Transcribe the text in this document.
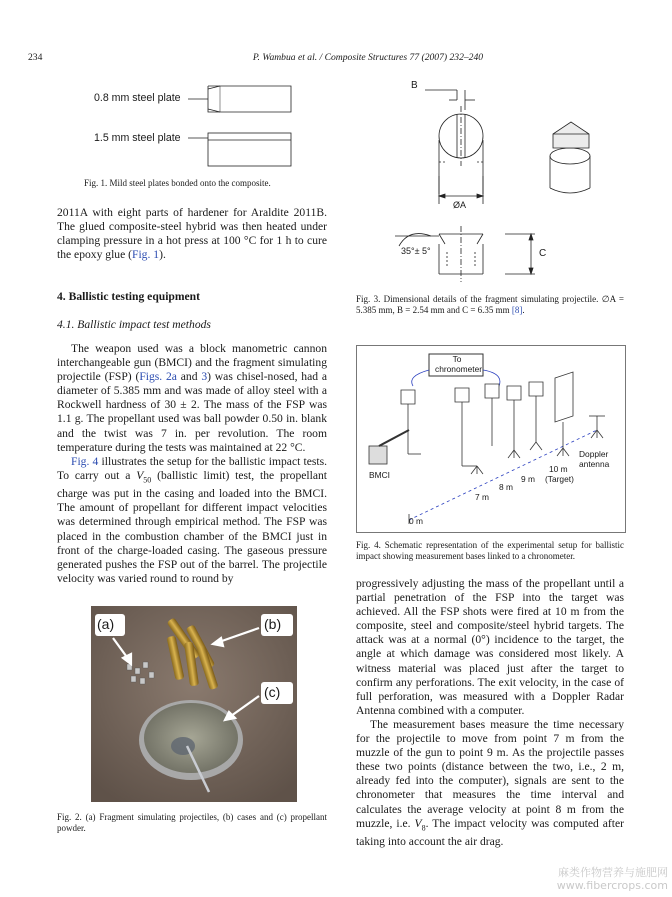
234	P. Wambua et al. / Composite Structures 77 (2007) 232–240
0.8 mm steel plate
1.5 mm steel plate
Fig. 1. Mild steel plates bonded onto the composite.

2011A with eight parts of hardener for Araldite 2011B. The glued composite-steel hybrid was then heated under clamping pressure in a hot press at 100 °C for 1 h to cure the epoxy glue (Fig. 1).

4. Ballistic testing equipment
4.1. Ballistic impact test methods

The weapon used was a block manometric cannon interchangeable gun (BMCI) and the fragment simulating projectile (FSP) (Figs. 2a and 3) was chisel-nosed, had a diameter of 5.385 mm and was made of alloy steel with a Rockwell hardness of 30 ± 2. The mass of the FSP was 1.1 g. The propellant used was ball powder 0.50 in. blank and the twist was 7 in. per revolution. The room temperature during the tests was maintained at 22 °C.

Fig. 4 illustrates the setup for the ballistic impact tests. To carry out a $V_{50}$ (ballistic limit) test, the propellant charge was put in the casing and loaded into the BMCI. The amount of propellant for different impact velocities was determined through empirical method. The FSP was placed in the combustion chamber of the BMCI just in front of the charge-loaded casing. The gaseous pressure generated pushes the FSP out of the barrel. The projectile velocity was varied round to round by

(a)	(b)
(c)
Fig. 2. (a) Fragment simulating projectiles, (b) cases and (c) propellant powder.
B
ØA
C
35°± 5°
Fig. 3. Dimensional details of the fragment simulating projectile. ∅A = 5.385 mm, B = 2.54 mm and C = 6.35 mm [8].
To
chronometer
BMCI
0 m
7 m
8 m
9 m
10 m
(Target)
Doppler
antenna
Fig. 4. Schematic representation of the experimental setup for ballistic impact showing measurement bases linked to a chronometer.

progressively adjusting the mass of the propellant until a partial penetration of the FSP into the target was achieved. All the FSP shots were fired at 10 m from the composite, steel and composite/steel hybrid targets. The attack was at a normal (0°) incidence to the target, the angle at which damage was considered most likely. A witness material was placed just after the target to confirm any perforations. The exit velocity, in the case of full perforation, was measured with a Doppler Radar Antenna combined with a computer.

The measurement bases measure the time necessary for the projectile to move from point 7 m from the muzzle of the gun to point 9 m. As the projectile passes these two points (distance between the two, i.e., 2 m, already fed into the computer), signals are sent to the chronometer that measures the time interval and calculates the average velocity at point 8 m from the muzzle, i.e. $V_8$. The impact velocity was computed after taking into account the air drag.

麻类作物营养与施肥网
www.fibercrops.com
